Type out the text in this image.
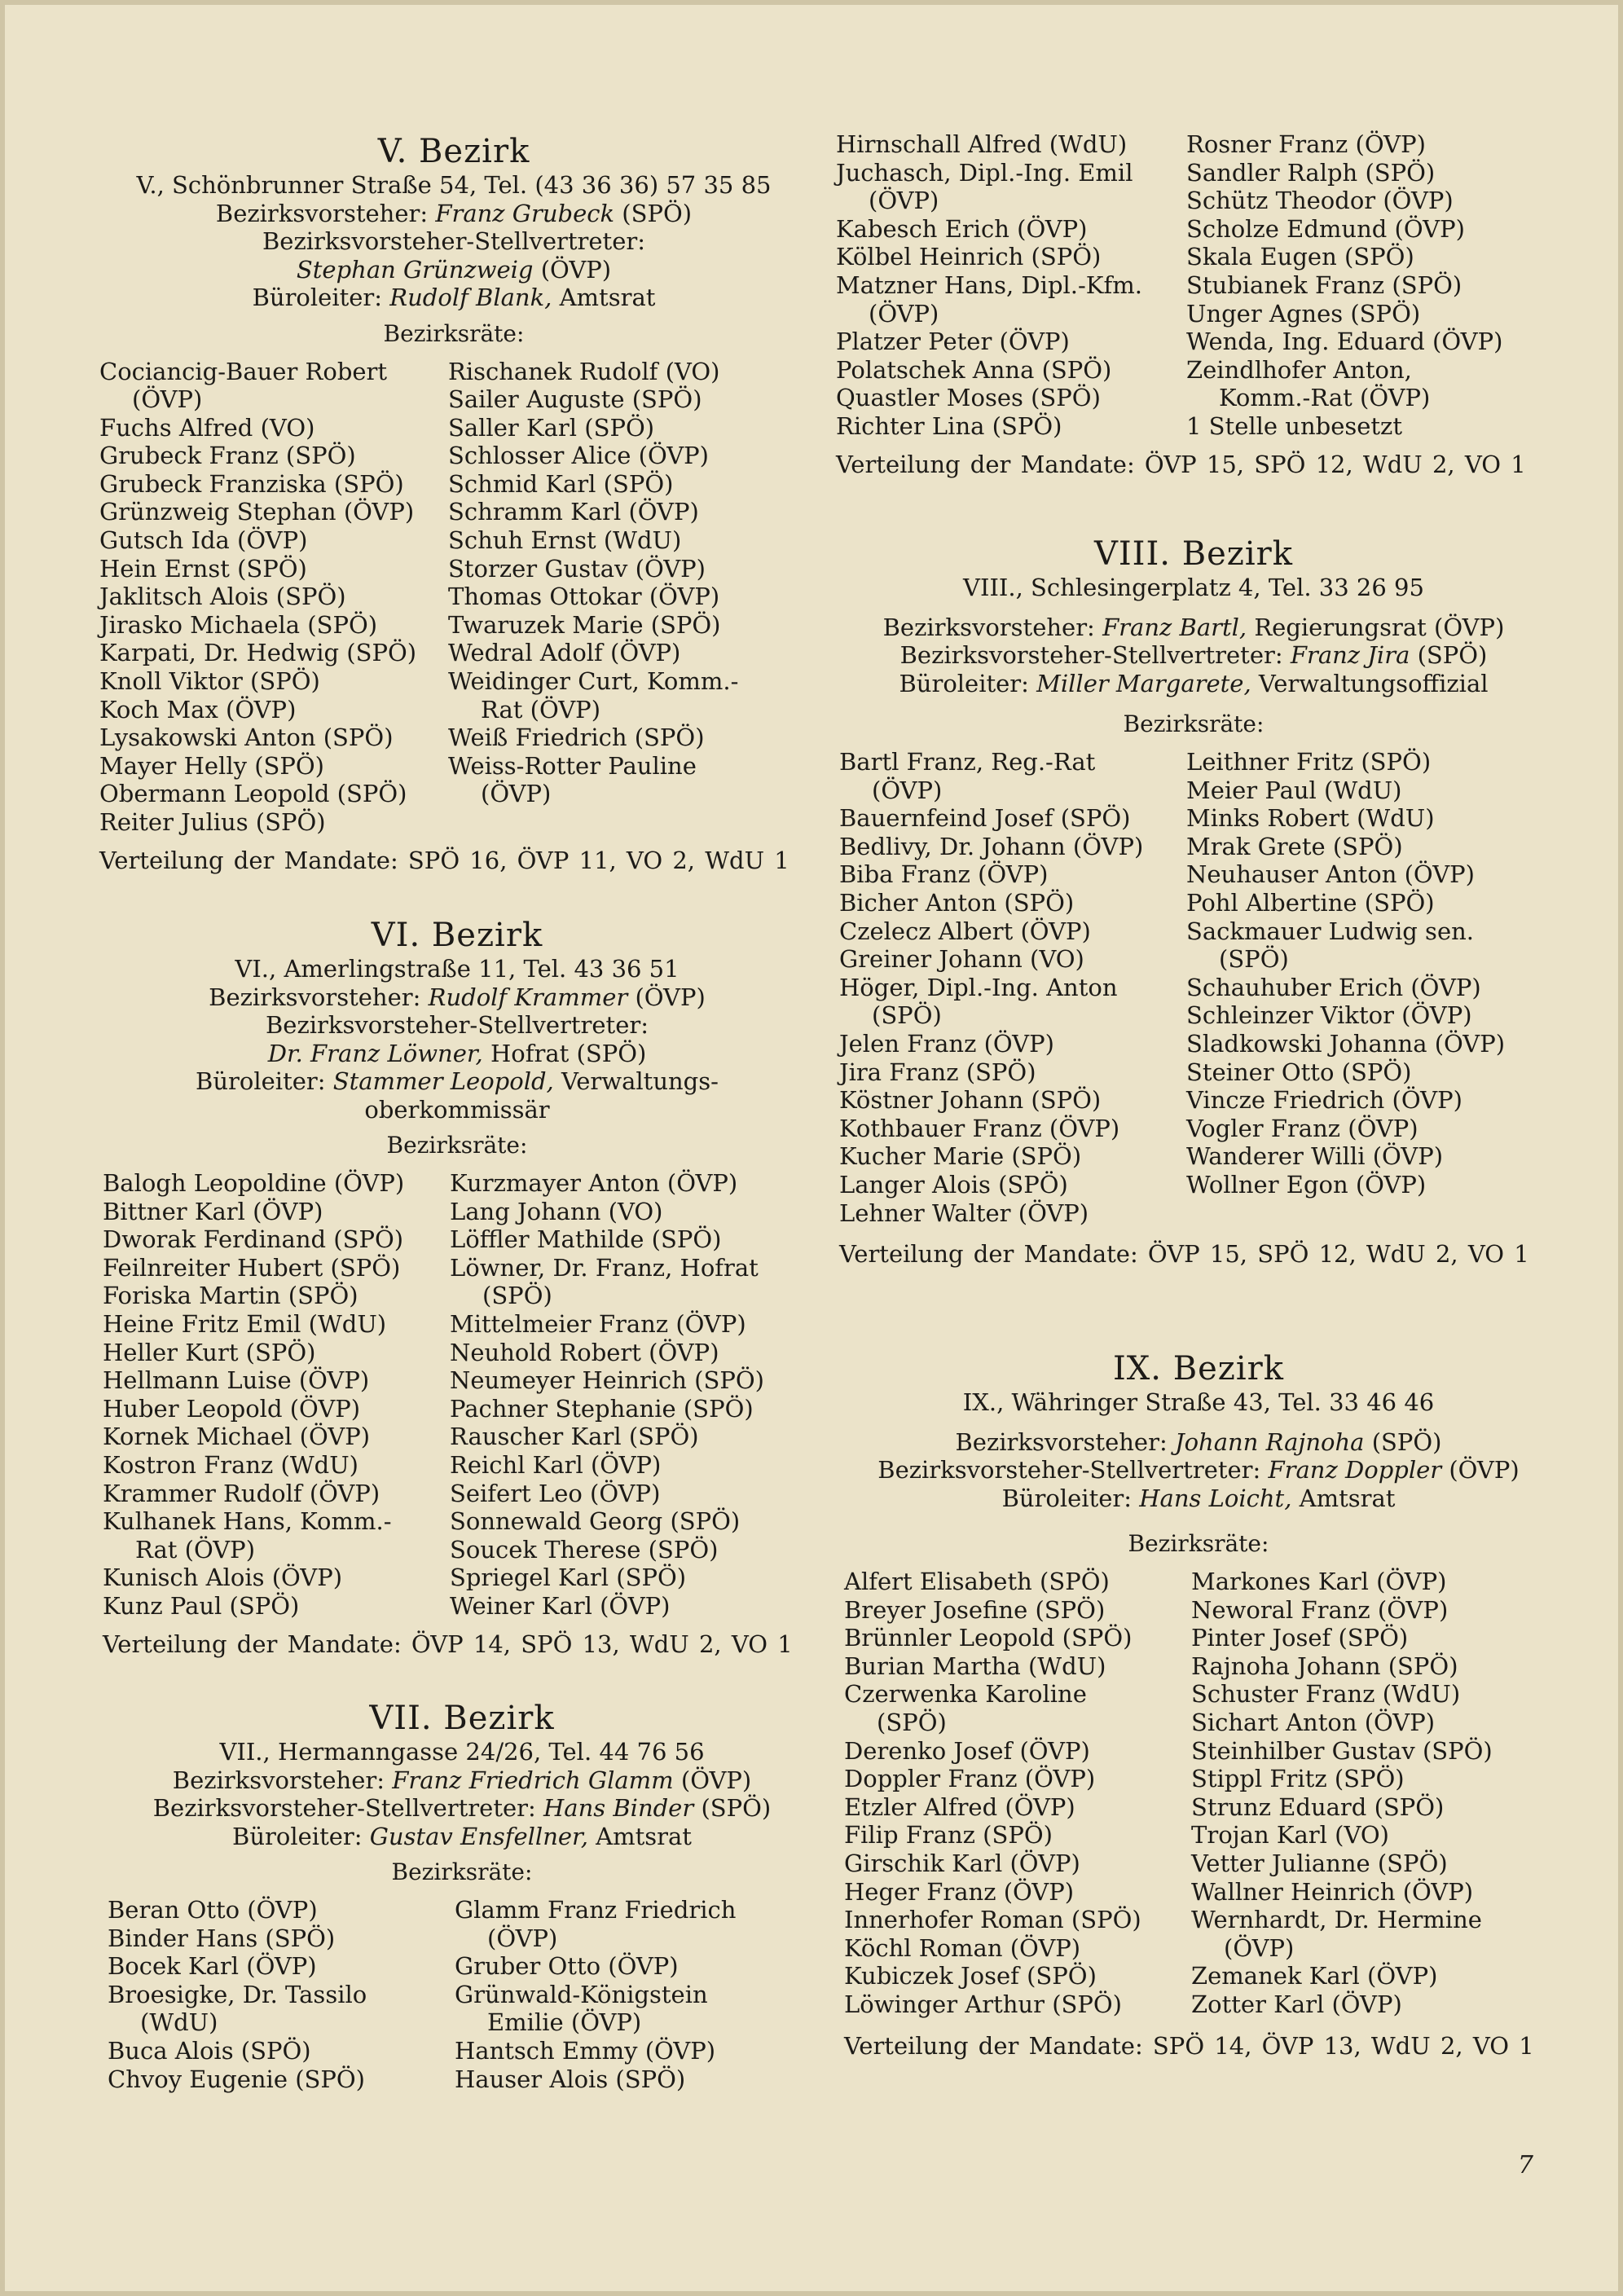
V. Bezirk
V., Schönbrunner Straße 54, Tel. (43 36 36) 57 35 85
Bezirksvorsteher: Franz Grubeck (SPÖ)
Bezirksvorsteher-Stellvertreter:
Stephan Grünzweig (ÖVP)
Büroleiter: Rudolf Blank, Amtsrat
Bezirksräte:
Cociancig-Bauer Robert
(ÖVP)
Fuchs Alfred (VO)
Grubeck Franz (SPÖ)
Grubeck Franziska (SPÖ)
Grünzweig Stephan (ÖVP)
Gutsch Ida (ÖVP)
Hein Ernst (SPÖ)
Jaklitsch Alois (SPÖ)
Jirasko Michaela (SPÖ)
Karpati, Dr. Hedwig (SPÖ)
Knoll Viktor (SPÖ)
Koch Max (ÖVP)
Lysakowski Anton (SPÖ)
Mayer Helly (SPÖ)
Obermann Leopold (SPÖ)
Reiter Julius (SPÖ)
Rischanek Rudolf (VO)
Sailer Auguste (SPÖ)
Saller Karl (SPÖ)
Schlosser Alice (ÖVP)
Schmid Karl (SPÖ)
Schramm Karl (ÖVP)
Schuh Ernst (WdU)
Storzer Gustav (ÖVP)
Thomas Ottokar (ÖVP)
Twaruzek Marie (SPÖ)
Wedral Adolf (ÖVP)
Weidinger Curt, Komm.-
Rat (ÖVP)
Weiß Friedrich (SPÖ)
Weiss-Rotter Pauline
(ÖVP)
Verteilung der Mandate: SPÖ 16, ÖVP 11, VO 2, WdU 1
VI. Bezirk
VI., Amerlingstraße 11, Tel. 43 36 51
Bezirksvorsteher: Rudolf Krammer (ÖVP)
Bezirksvorsteher-Stellvertreter:
Dr. Franz Löwner, Hofrat (SPÖ)
Büroleiter: Stammer Leopold, Verwaltungs-
oberkommissär
Bezirksräte:
Balogh Leopoldine (ÖVP)
Bittner Karl (ÖVP)
Dworak Ferdinand (SPÖ)
Feilnreiter Hubert (SPÖ)
Foriska Martin (SPÖ)
Heine Fritz Emil (WdU)
Heller Kurt (SPÖ)
Hellmann Luise (ÖVP)
Huber Leopold (ÖVP)
Kornek Michael (ÖVP)
Kostron Franz (WdU)
Krammer Rudolf (ÖVP)
Kulhanek Hans, Komm.-
Rat (ÖVP)
Kunisch Alois (ÖVP)
Kunz Paul (SPÖ)
Kurzmayer Anton (ÖVP)
Lang Johann (VO)
Löffler Mathilde (SPÖ)
Löwner, Dr. Franz, Hofrat
(SPÖ)
Mittelmeier Franz (ÖVP)
Neuhold Robert (ÖVP)
Neumeyer Heinrich (SPÖ)
Pachner Stephanie (SPÖ)
Rauscher Karl (SPÖ)
Reichl Karl (ÖVP)
Seifert Leo (ÖVP)
Sonnewald Georg (SPÖ)
Soucek Therese (SPÖ)
Spriegel Karl (SPÖ)
Weiner Karl (ÖVP)
Verteilung der Mandate: ÖVP 14, SPÖ 13, WdU 2, VO 1
VII. Bezirk
VII., Hermanngasse 24/26, Tel. 44 76 56
Bezirksvorsteher: Franz Friedrich Glamm (ÖVP)
Bezirksvorsteher-Stellvertreter: Hans Binder (SPÖ)
Büroleiter: Gustav Ensfellner, Amtsrat
Bezirksräte:
Beran Otto (ÖVP)
Binder Hans (SPÖ)
Bocek Karl (ÖVP)
Broesigke, Dr. Tassilo
(WdU)
Buca Alois (SPÖ)
Chvoy Eugenie (SPÖ)
Glamm Franz Friedrich
(ÖVP)
Gruber Otto (ÖVP)
Grünwald-Königstein
Emilie (ÖVP)
Hantsch Emmy (ÖVP)
Hauser Alois (SPÖ)
Hirnschall Alfred (WdU)
Juchasch, Dipl.-Ing. Emil
(ÖVP)
Kabesch Erich (ÖVP)
Kölbel Heinrich (SPÖ)
Matzner Hans, Dipl.-Kfm.
(ÖVP)
Platzer Peter (ÖVP)
Polatschek Anna (SPÖ)
Quastler Moses (SPÖ)
Richter Lina (SPÖ)
Rosner Franz (ÖVP)
Sandler Ralph (SPÖ)
Schütz Theodor (ÖVP)
Scholze Edmund (ÖVP)
Skala Eugen (SPÖ)
Stubianek Franz (SPÖ)
Unger Agnes (SPÖ)
Wenda, Ing. Eduard (ÖVP)
Zeindlhofer Anton,
Komm.-Rat (ÖVP)
1 Stelle unbesetzt
Verteilung der Mandate: ÖVP 15, SPÖ 12, WdU 2, VO 1
VIII. Bezirk
VIII., Schlesingerplatz 4, Tel. 33 26 95
Bezirksvorsteher: Franz Bartl, Regierungsrat (ÖVP)
Bezirksvorsteher-Stellvertreter: Franz Jira (SPÖ)
Büroleiter: Miller Margarete, Verwaltungsoffizial
Bezirksräte:
Bartl Franz, Reg.-Rat
(ÖVP)
Bauernfeind Josef (SPÖ)
Bedlivy, Dr. Johann (ÖVP)
Biba Franz (ÖVP)
Bicher Anton (SPÖ)
Czelecz Albert (ÖVP)
Greiner Johann (VO)
Höger, Dipl.-Ing. Anton
(SPÖ)
Jelen Franz (ÖVP)
Jira Franz (SPÖ)
Köstner Johann (SPÖ)
Kothbauer Franz (ÖVP)
Kucher Marie (SPÖ)
Langer Alois (SPÖ)
Lehner Walter (ÖVP)
Leithner Fritz (SPÖ)
Meier Paul (WdU)
Minks Robert (WdU)
Mrak Grete (SPÖ)
Neuhauser Anton (ÖVP)
Pohl Albertine (SPÖ)
Sackmauer Ludwig sen.
(SPÖ)
Schauhuber Erich (ÖVP)
Schleinzer Viktor (ÖVP)
Sladkowski Johanna (ÖVP)
Steiner Otto (SPÖ)
Vincze Friedrich (ÖVP)
Vogler Franz (ÖVP)
Wanderer Willi (ÖVP)
Wollner Egon (ÖVP)
Verteilung der Mandate: ÖVP 15, SPÖ 12, WdU 2, VO 1
IX. Bezirk
IX., Währinger Straße 43, Tel. 33 46 46
Bezirksvorsteher: Johann Rajnoha (SPÖ)
Bezirksvorsteher-Stellvertreter: Franz Doppler (ÖVP)
Büroleiter: Hans Loicht, Amtsrat
Bezirksräte:
Alfert Elisabeth (SPÖ)
Breyer Josefine (SPÖ)
Brünnler Leopold (SPÖ)
Burian Martha (WdU)
Czerwenka Karoline
(SPÖ)
Derenko Josef (ÖVP)
Doppler Franz (ÖVP)
Etzler Alfred (ÖVP)
Filip Franz (SPÖ)
Girschik Karl (ÖVP)
Heger Franz (ÖVP)
Innerhofer Roman (SPÖ)
Köchl Roman (ÖVP)
Kubiczek Josef (SPÖ)
Löwinger Arthur (SPÖ)
Markones Karl (ÖVP)
Neworal Franz (ÖVP)
Pinter Josef (SPÖ)
Rajnoha Johann (SPÖ)
Schuster Franz (WdU)
Sichart Anton (ÖVP)
Steinhilber Gustav (SPÖ)
Stippl Fritz (SPÖ)
Strunz Eduard (SPÖ)
Trojan Karl (VO)
Vetter Julianne (SPÖ)
Wallner Heinrich (ÖVP)
Wernhardt, Dr. Hermine
(ÖVP)
Zemanek Karl (ÖVP)
Zotter Karl (ÖVP)
Verteilung der Mandate: SPÖ 14, ÖVP 13, WdU 2, VO 1
7
